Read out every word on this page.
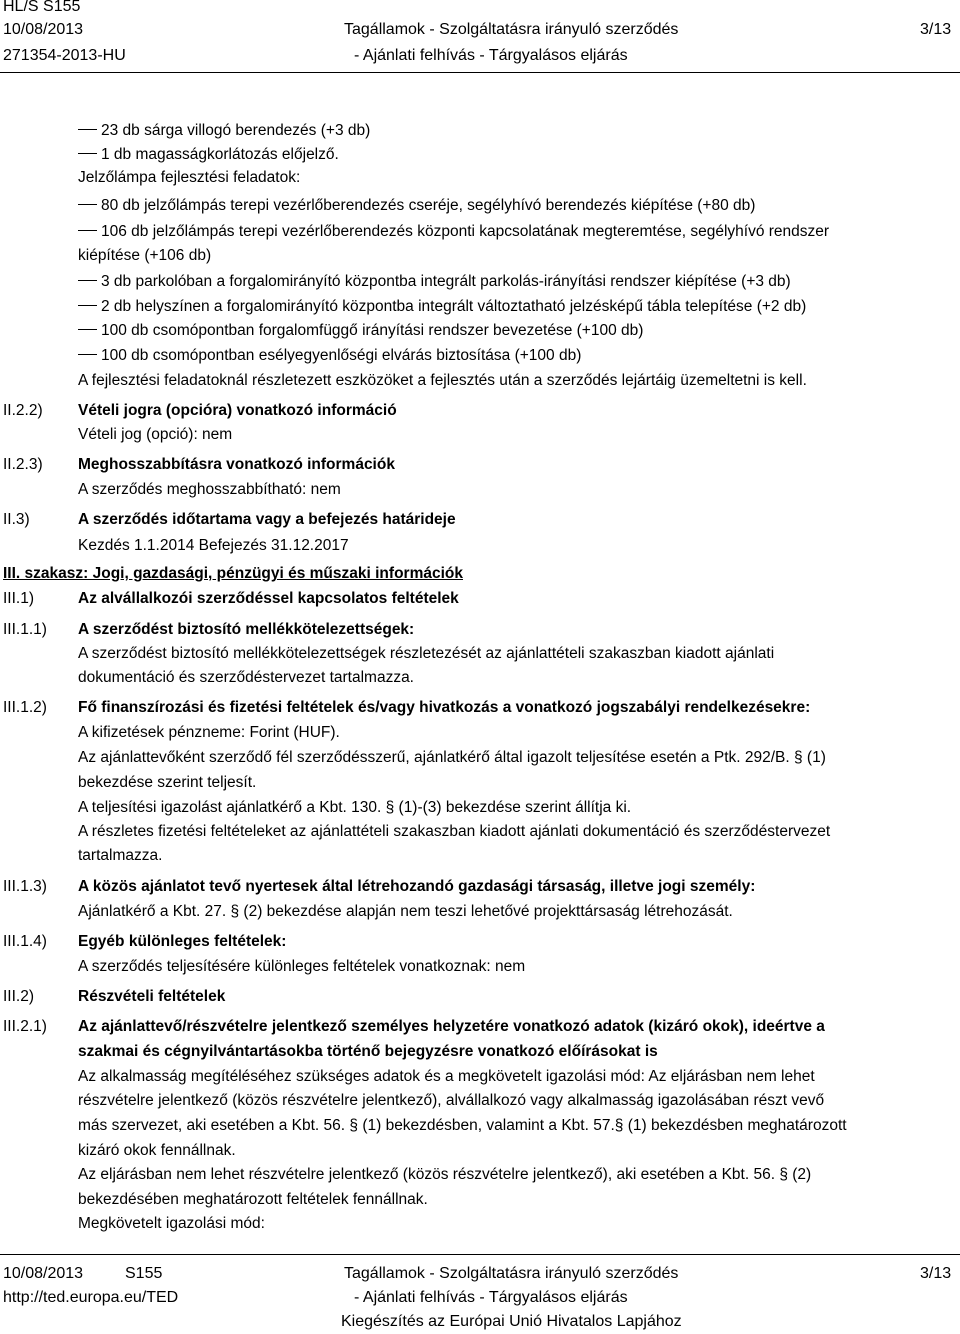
HL/S S155
10/08/2013
271354-2013-HU
Tagállamok - Szolgáltatásra irányuló szerződés
- Ajánlati felhívás - Tárgyalásos eljárás
3/13
23 db sárga villogó berendezés (+3 db)
1 db magasságkorlátozás előjelző.
Jelzőlámpa fejlesztési feladatok:
80 db jelzőlámpás terepi vezérlőberendezés cseréje, segélyhívó berendezés kiépítése (+80 db)
106 db jelzőlámpás terepi vezérlőberendezés központi kapcsolatának megteremtése, segélyhívó rendszer
kiépítése (+106 db)
3 db parkolóban a forgalomirányító központba integrált parkolás-irányítási rendszer kiépítése (+3 db)
2 db helyszínen a forgalomirányító központba integrált változtatható jelzésképű tábla telepítése (+2 db)
100 db csomópontban forgalomfüggő irányítási rendszer bevezetése (+100 db)
100 db csomópontban esélyegyenlőségi elvárás biztosítása (+100 db)
A fejlesztési feladatoknál részletezett eszközöket a fejlesztés után a szerződés lejártáig üzemeltetni is kell.
II.2.2) Vételi jogra (opcióra) vonatkozó információ
Vételi jog (opció): nem
II.2.3) Meghosszabbításra vonatkozó információk
A szerződés meghosszabbítható: nem
II.3)	A szerződés időtartama vagy a befejezés határideje
Kezdés 1.1.2014 Befejezés 31.12.2017
III. szakasz: Jogi, gazdasági, pénzügyi és műszaki információk
III.1)	Az alvállalkozói szerződéssel kapcsolatos feltételek
III.1.1) A szerződést biztosító mellékkötelezettségek:
A szerződést biztosító mellékkötelezettségek részletezését az ajánlattételi szakaszban kiadott ajánlati
dokumentáció és szerződéstervezet tartalmazza.
III.1.2) Fő finanszírozási és fizetési feltételek és/vagy hivatkozás a vonatkozó jogszabályi rendelkezésekre:
A kifizetések pénzneme: Forint (HUF).
Az ajánlattevőként szerződő fél szerződésszerű, ajánlatkérő által igazolt teljesítése esetén a Ptk. 292/B. § (1)
bekezdése szerint teljesít.
A teljesítési igazolást ajánlatkérő a Kbt. 130. § (1)-(3) bekezdése szerint állítja ki.
A részletes fizetési feltételeket az ajánlattételi szakaszban kiadott ajánlati dokumentáció és szerződéstervezet
tartalmazza.
III.1.3) A közös ajánlatot tevő nyertesek által létrehozandó gazdasági társaság, illetve jogi személy:
Ajánlatkérő a Kbt. 27. § (2) bekezdése alapján nem teszi lehetővé projekttársaság létrehozását.
III.1.4) Egyéb különleges feltételek:
A szerződés teljesítésére különleges feltételek vonatkoznak: nem
III.2)	Részvételi feltételek
III.2.1) Az ajánlattevő/részvételre jelentkező személyes helyzetére vonatkozó adatok (kizáró okok), ideértve a
szakmai és cégnyilvántartásokba történő bejegyzésre vonatkozó előírásokat is
Az alkalmasság megítéléséhez szükséges adatok és a megkövetelt igazolási mód: Az eljárásban nem lehet
részvételre jelentkező (közös részvételre jelentkező), alvállalkozó vagy alkalmasság igazolásában részt vevő
más szervezet, aki esetében a Kbt. 56. § (1) bekezdésben, valamint a Kbt. 57.§ (1) bekezdésben meghatározott
kizáró okok fennállnak.
Az eljárásban nem lehet részvételre jelentkező (közös részvételre jelentkező), aki esetében a Kbt. 56. § (2)
bekezdésében meghatározott feltételek fennállnak.
Megkövetelt igazolási mód:
10/08/2013	S155
http://ted.europa.eu/TED
Tagállamok - Szolgáltatásra irányuló szerződés
- Ajánlati felhívás - Tárgyalásos eljárás
Kiegészítés az Európai Unió Hivatalos Lapjához
3/13
